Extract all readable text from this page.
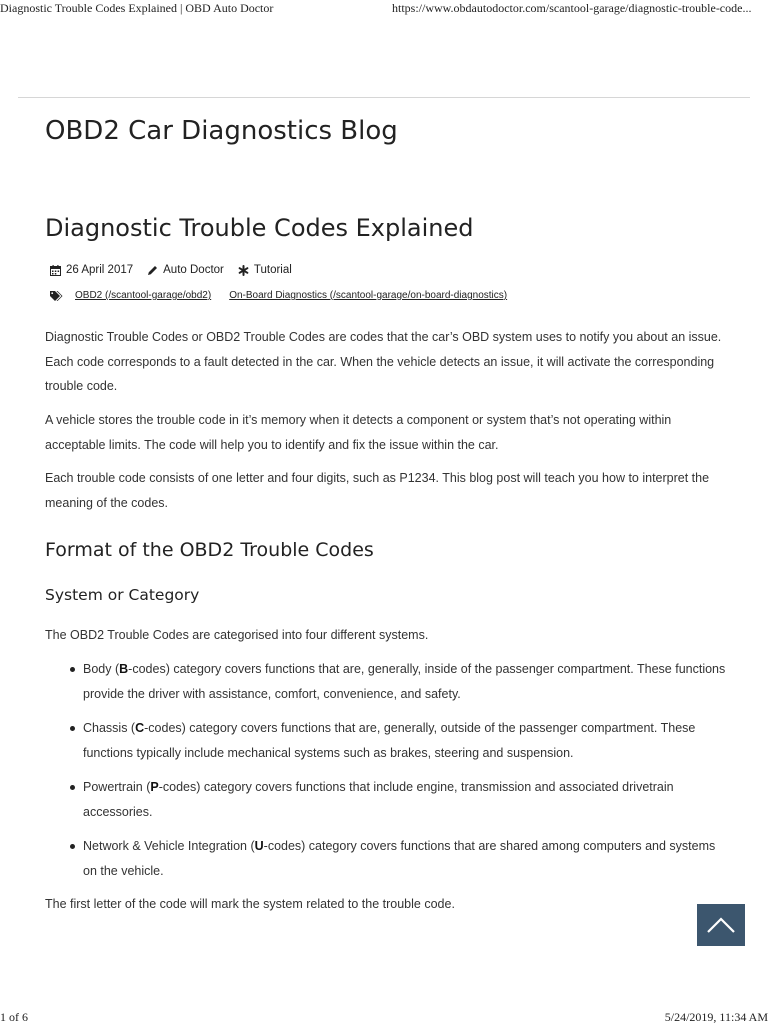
Diagnostic Trouble Codes Explained | OBD Auto Doctor	https://www.obdautodoctor.com/scantool-garage/diagnostic-trouble-code...
OBD2 Car Diagnostics Blog
Diagnostic Trouble Codes Explained
26 April 2017	Auto Doctor	Tutorial
OBD2 (/scantool-garage/obd2) On-Board Diagnostics (/scantool-garage/on-board-diagnostics)

Diagnostic Trouble Codes or OBD2 Trouble Codes are codes that the car’s OBD system uses to notify you about an issue. Each code corresponds to a fault detected in the car. When the vehicle detects an issue, it will activate the corresponding trouble code.

A vehicle stores the trouble code in it’s memory when it detects a component or system that’s not operating within acceptable limits. The code will help you to identify and fix the issue within the car.

Each trouble code consists of one letter and four digits, such as P1234. This blog post will teach you how to interpret the meaning of the codes.

Format of the OBD2 Trouble Codes
System or Category

The OBD2 Trouble Codes are categorised into four different systems.

Body (B-codes) category covers functions that are, generally, inside of the passenger compartment. These functions provide the driver with assistance, comfort, convenience, and safety.
Chassis (C-codes) category covers functions that are, generally, outside of the passenger compartment. These functions typically include mechanical systems such as brakes, steering and suspension.
Powertrain (P-codes) category covers functions that include engine, transmission and associated drivetrain accessories.
Network & Vehicle Integration (U-codes) category covers functions that are shared among computers and systems on the vehicle.

The first letter of the code will mark the system related to the trouble code.

1 of 6	5/24/2019, 11:34 AM
